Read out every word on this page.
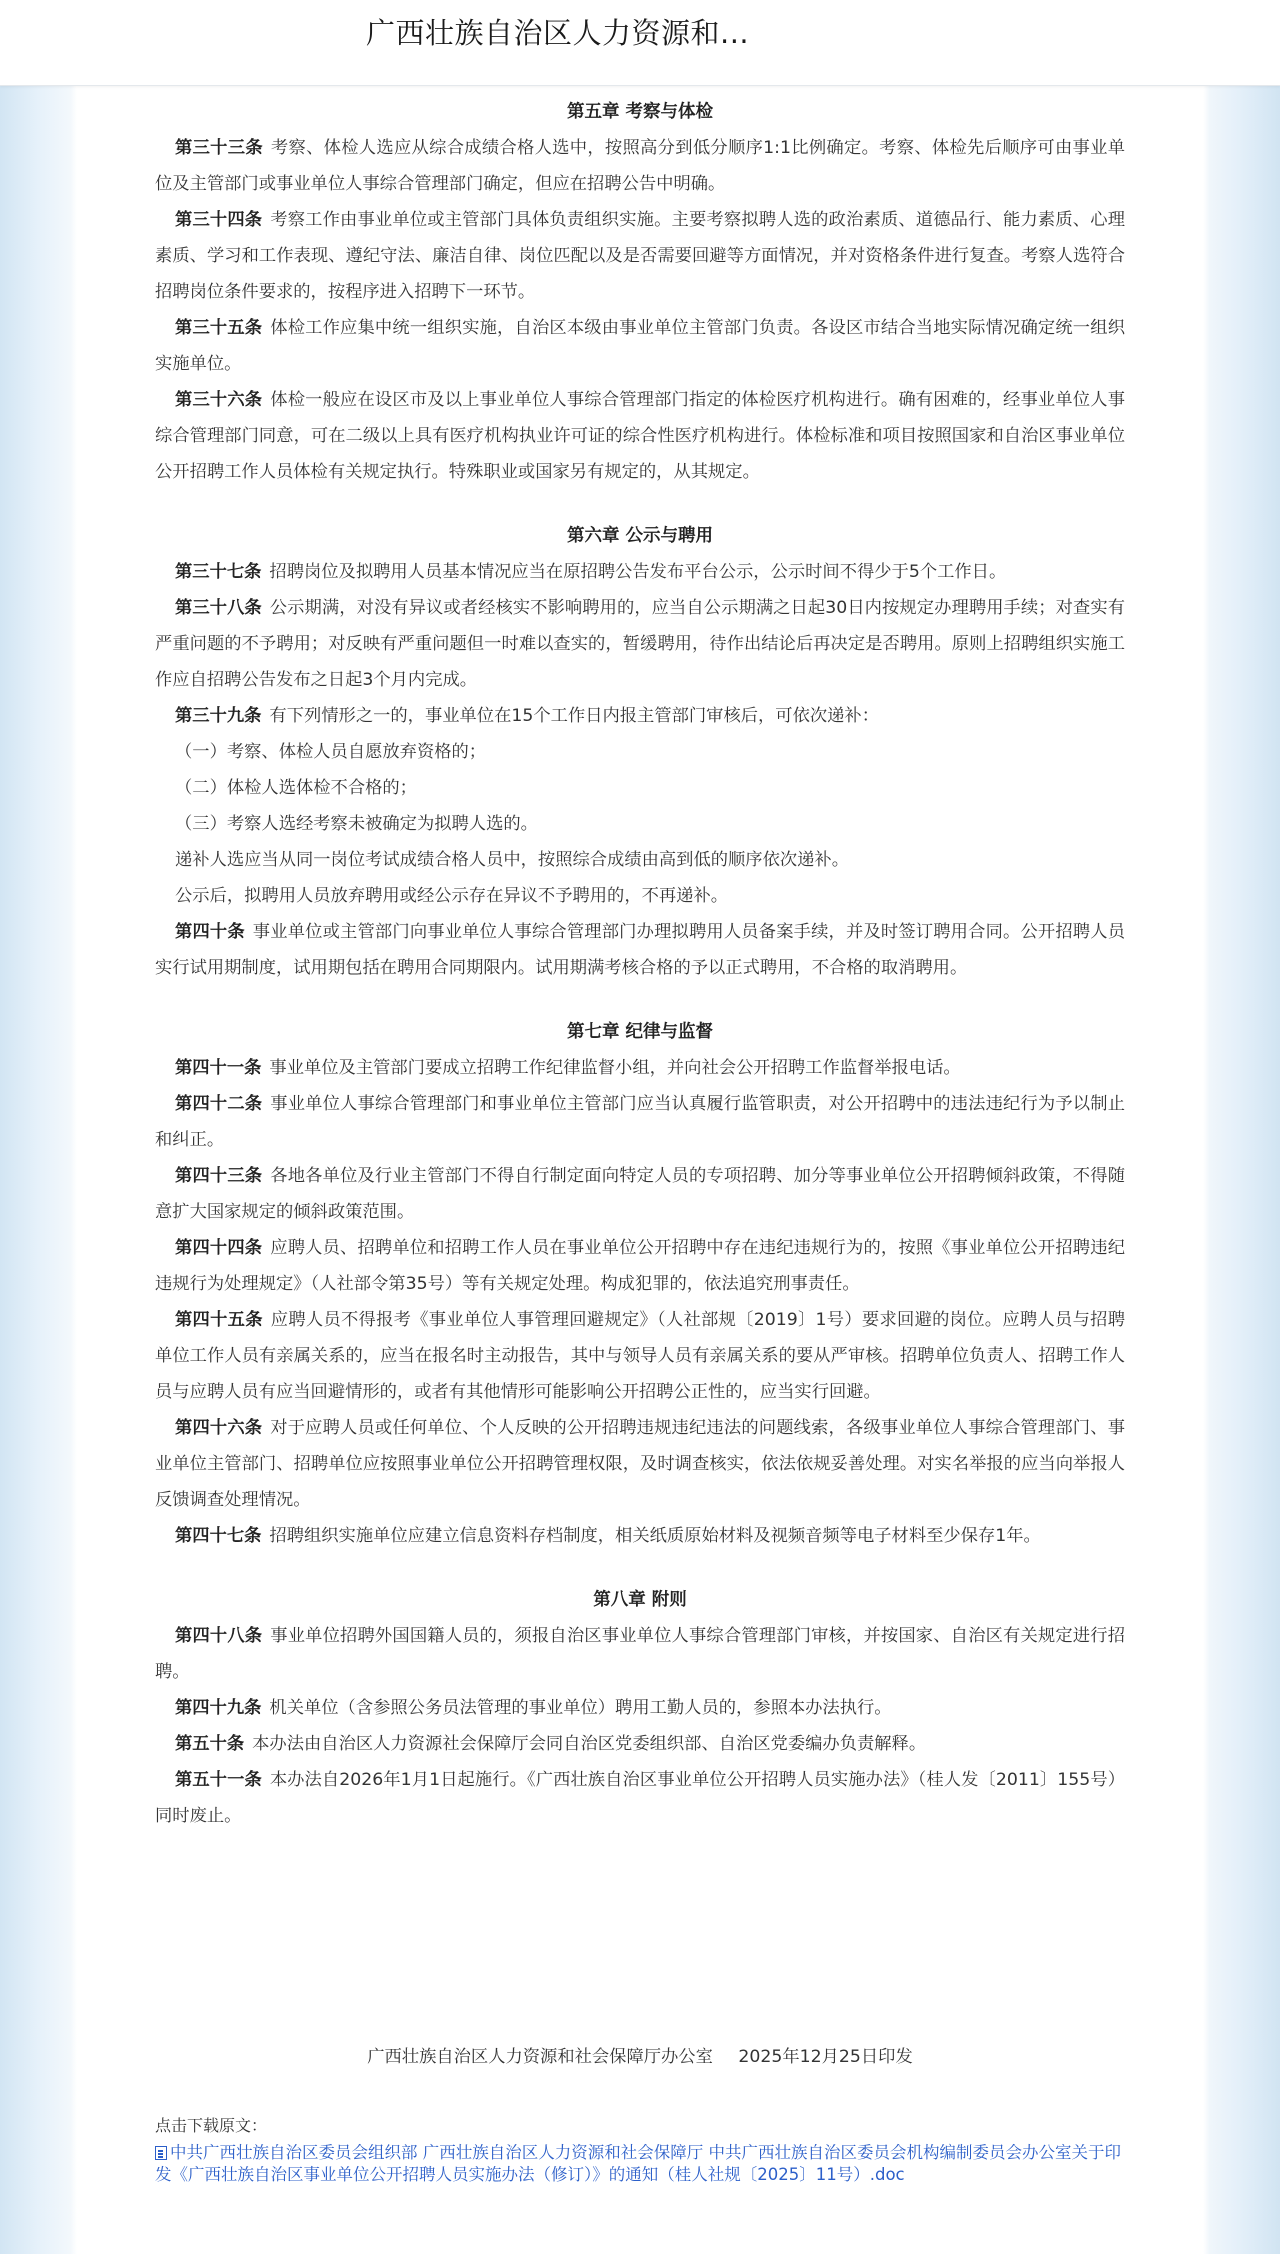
广西壮族自治区人力资源和...

第五章 考察与体检

第三十三条 考察、体检人选应从综合成绩合格人选中，按照高分到低分顺序1:1比例确定。考察、体检先后顺序可由事业单位及主管部门或事业单位人事综合管理部门确定，但应在招聘公告中明确。

第三十四条 考察工作由事业单位或主管部门具体负责组织实施。主要考察拟聘人选的政治素质、道德品行、能力素质、心理素质、学习和工作表现、遵纪守法、廉洁自律、岗位匹配以及是否需要回避等方面情况，并对资格条件进行复查。考察人选符合招聘岗位条件要求的，按程序进入招聘下一环节。

第三十五条 体检工作应集中统一组织实施，自治区本级由事业单位主管部门负责。各设区市结合当地实际情况确定统一组织实施单位。

第三十六条 体检一般应在设区市及以上事业单位人事综合管理部门指定的体检医疗机构进行。确有困难的，经事业单位人事综合管理部门同意，可在二级以上具有医疗机构执业许可证的综合性医疗机构进行。体检标准和项目按照国家和自治区事业单位公开招聘工作人员体检有关规定执行。特殊职业或国家另有规定的，从其规定。

第六章 公示与聘用

第三十七条 招聘岗位及拟聘用人员基本情况应当在原招聘公告发布平台公示，公示时间不得少于5个工作日。

第三十八条 公示期满，对没有异议或者经核实不影响聘用的，应当自公示期满之日起30日内按规定办理聘用手续；对查实有严重问题的不予聘用；对反映有严重问题但一时难以查实的，暂缓聘用，待作出结论后再决定是否聘用。原则上招聘组织实施工作应自招聘公告发布之日起3个月内完成。

第三十九条 有下列情形之一的，事业单位在15个工作日内报主管部门审核后，可依次递补：

（一）考察、体检人员自愿放弃资格的；

（二）体检人选体检不合格的；

（三）考察人选经考察未被确定为拟聘人选的。

递补人选应当从同一岗位考试成绩合格人员中，按照综合成绩由高到低的顺序依次递补。

公示后，拟聘用人员放弃聘用或经公示存在异议不予聘用的，不再递补。

第四十条 事业单位或主管部门向事业单位人事综合管理部门办理拟聘用人员备案手续，并及时签订聘用合同。公开招聘人员实行试用期制度，试用期包括在聘用合同期限内。试用期满考核合格的予以正式聘用，不合格的取消聘用。

第七章 纪律与监督

第四十一条 事业单位及主管部门要成立招聘工作纪律监督小组，并向社会公开招聘工作监督举报电话。

第四十二条 事业单位人事综合管理部门和事业单位主管部门应当认真履行监管职责，对公开招聘中的违法违纪行为予以制止和纠正。

第四十三条 各地各单位及行业主管部门不得自行制定面向特定人员的专项招聘、加分等事业单位公开招聘倾斜政策，不得随意扩大国家规定的倾斜政策范围。

第四十四条 应聘人员、招聘单位和招聘工作人员在事业单位公开招聘中存在违纪违规行为的，按照《事业单位公开招聘违纪违规行为处理规定》（人社部令第35号）等有关规定处理。构成犯罪的，依法追究刑事责任。

第四十五条 应聘人员不得报考《事业单位人事管理回避规定》（人社部规〔2019〕1号）要求回避的岗位。应聘人员与招聘单位工作人员有亲属关系的，应当在报名时主动报告，其中与领导人员有亲属关系的要从严审核。招聘单位负责人、招聘工作人员与应聘人员有应当回避情形的，或者有其他情形可能影响公开招聘公正性的，应当实行回避。

第四十六条 对于应聘人员或任何单位、个人反映的公开招聘违规违纪违法的问题线索，各级事业单位人事综合管理部门、事业单位主管部门、招聘单位应按照事业单位公开招聘管理权限，及时调查核实，依法依规妥善处理。对实名举报的应当向举报人反馈调查处理情况。

第四十七条 招聘组织实施单位应建立信息资料存档制度，相关纸质原始材料及视频音频等电子材料至少保存1年。

第八章 附则

第四十八条 事业单位招聘外国国籍人员的，须报自治区事业单位人事综合管理部门审核，并按国家、自治区有关规定进行招聘。

第四十九条 机关单位（含参照公务员法管理的事业单位）聘用工勤人员的，参照本办法执行。

第五十条 本办法由自治区人力资源社会保障厅会同自治区党委组织部、自治区党委编办负责解释。

第五十一条 本办法自2026年1月1日起施行。《广西壮族自治区事业单位公开招聘人员实施办法》（桂人发〔2011〕155号）同时废止。

广西壮族自治区人力资源和社会保障厅办公室 2025年12月25日印发
点击下载原文：
中共广西壮族自治区委员会组织部 广西壮族自治区人力资源和社会保障厅 中共广西壮族自治区委员会机构编制委员会办公室关于印发《广西壮族自治区事业单位公开招聘人员实施办法（修订）》的通知（桂人社规〔2025〕11号）.doc
